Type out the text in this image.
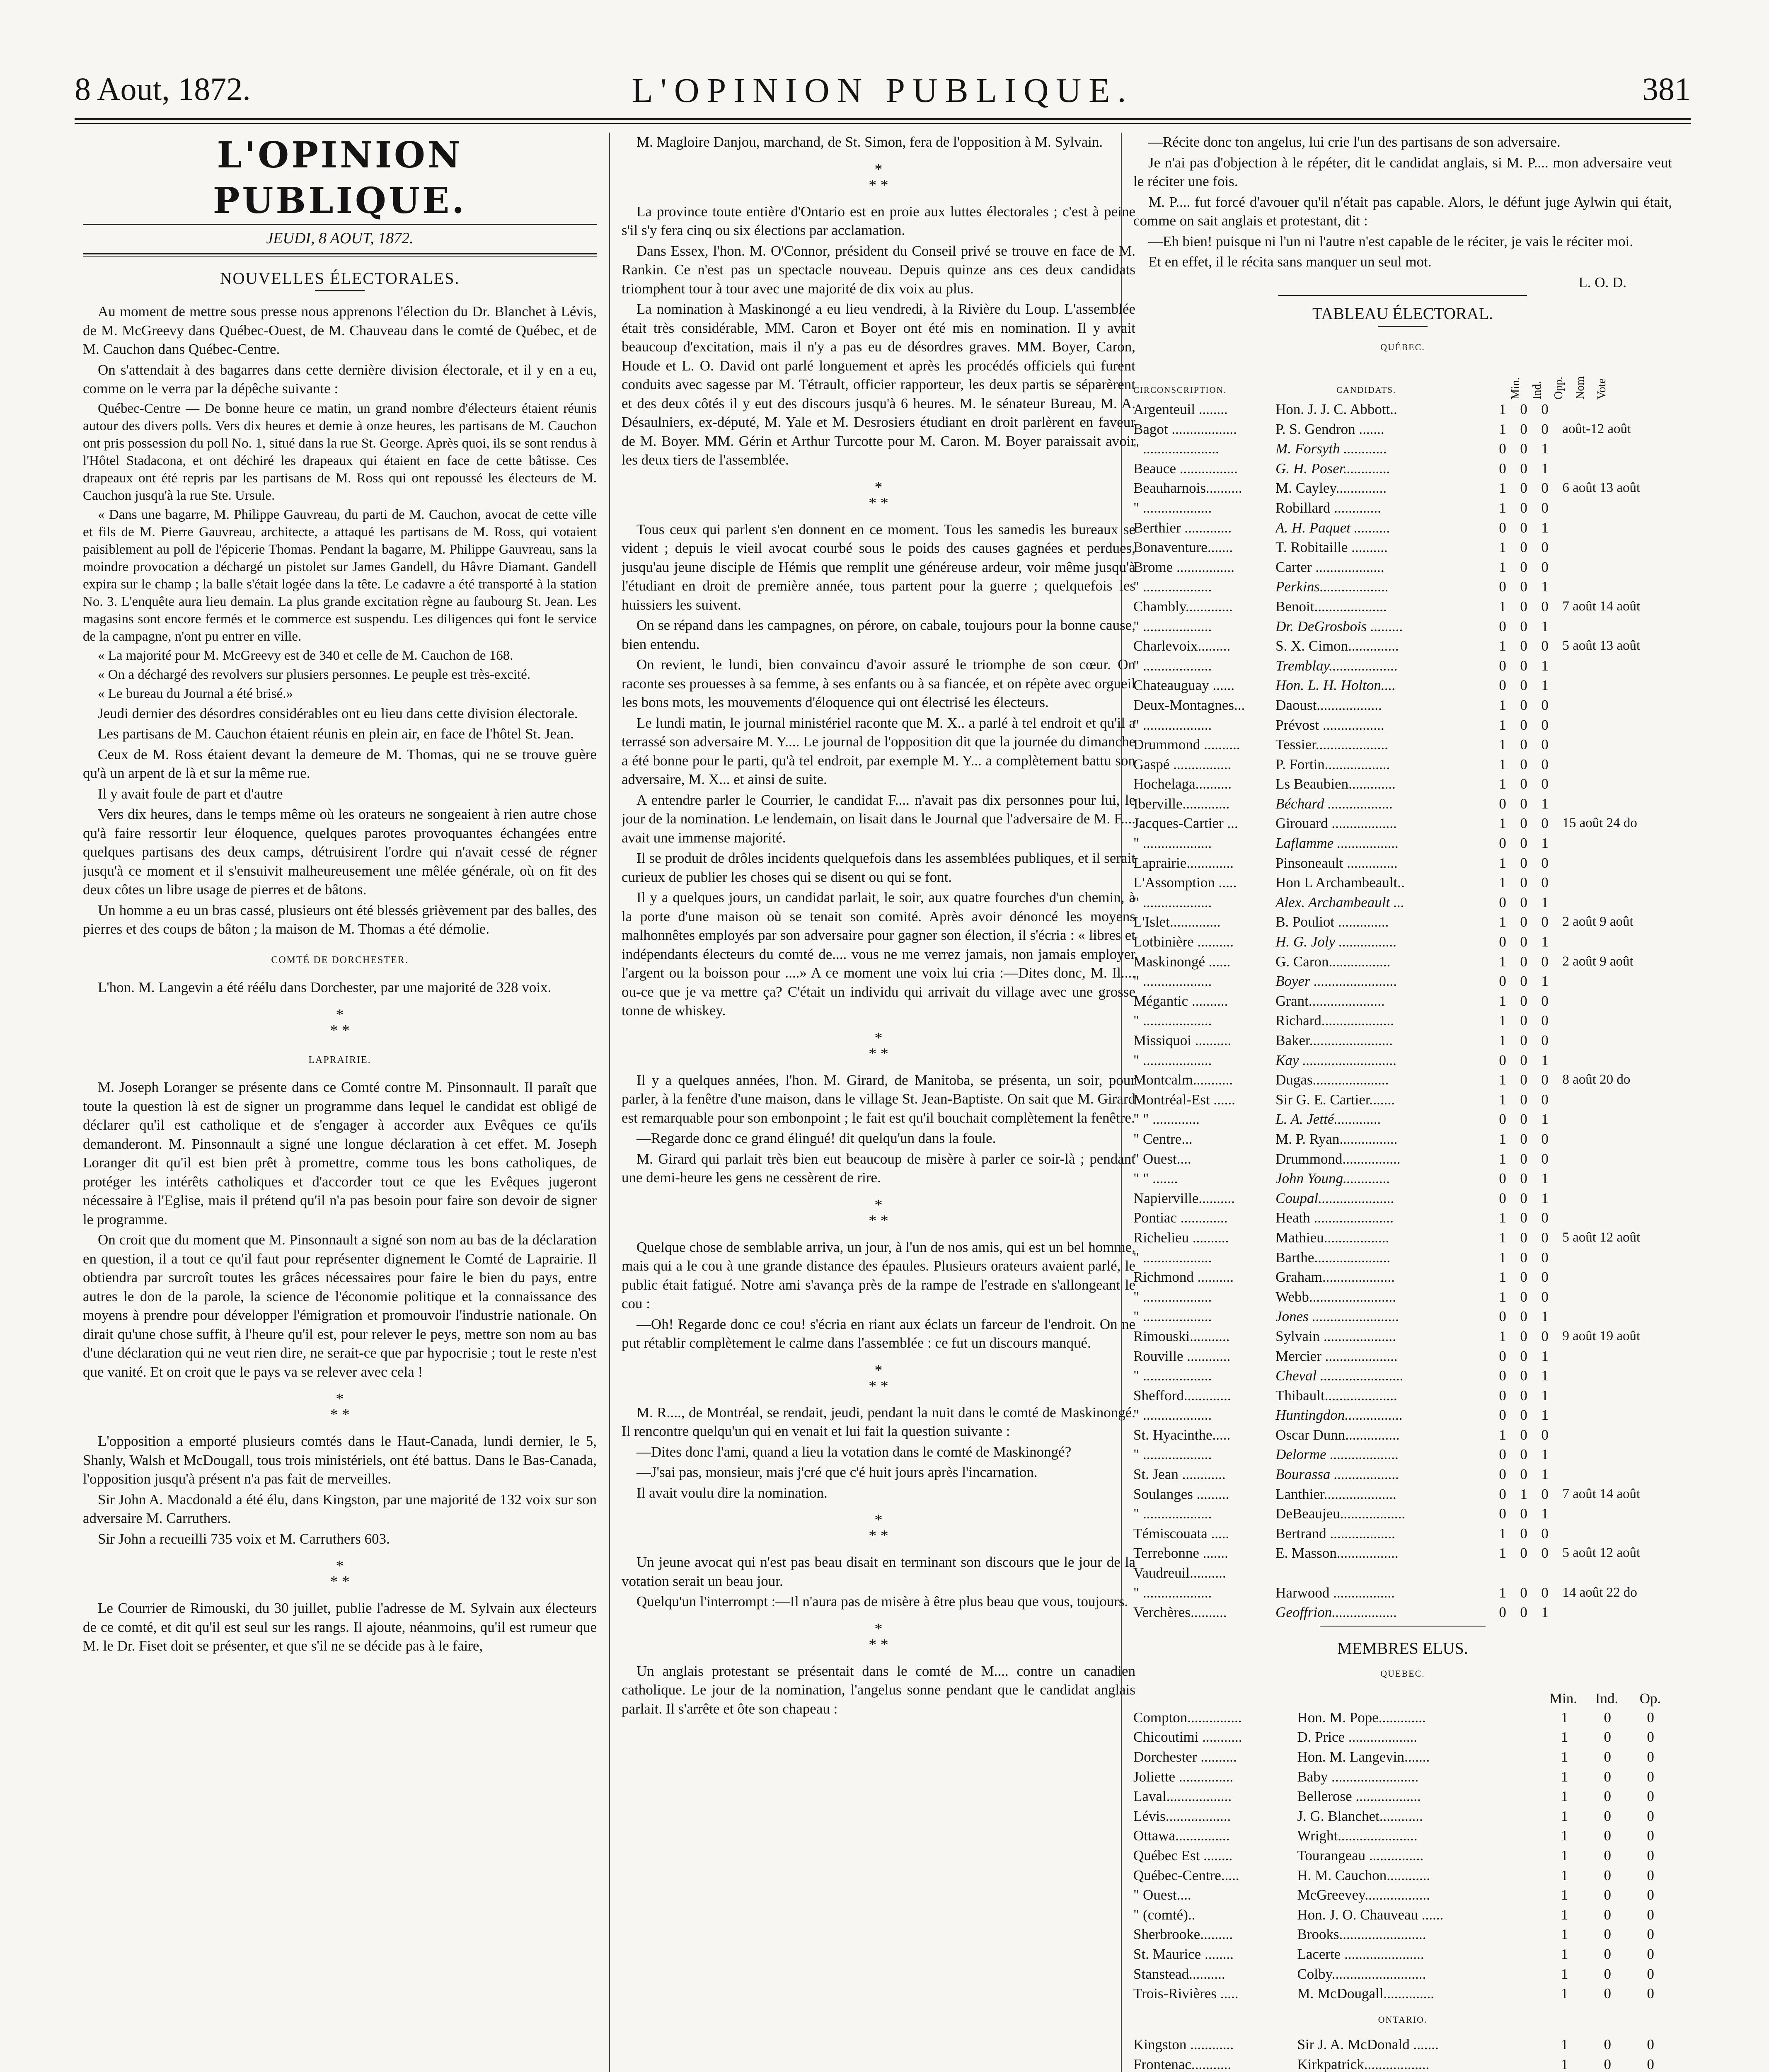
8 Aout, 1872.	L'OPINION PUBLIQUE.	381
L'OPINION PUBLIQUE.
JEUDI, 8 AOUT, 1872.
NOUVELLES ÉLECTORALES.

Au moment de mettre sous presse nous apprenons l'élection du Dr. Blanchet à Lévis, de M. McGreevy dans Québec-Ouest, de M. Chauveau dans le comté de Québec, et de M. Cauchon dans Québec-Centre.

On s'attendait à des bagarres dans cette dernière division électorale, et il y en a eu, comme on le verra par la dépêche suivante :

Québec-Centre — De bonne heure ce matin, un grand nombre d'électeurs étaient réunis autour des divers polls. Vers dix heures et demie à onze heures, les partisans de M. Cauchon ont pris possession du poll No. 1, situé dans la rue St. George. Après quoi, ils se sont rendus à l'Hôtel Stadacona, et ont déchiré les drapeaux qui étaient en face de cette bâtisse. Ces drapeaux ont été repris par les partisans de M. Ross qui ont repoussé les électeurs de M. Cauchon jusqu'à la rue Ste. Ursule.

« Dans une bagarre, M. Philippe Gauvreau, du parti de M. Cauchon, avocat de cette ville et fils de M. Pierre Gauvreau, architecte, a attaqué les partisans de M. Ross, qui votaient paisiblement au poll de l'épicerie Thomas. Pendant la bagarre, M. Philippe Gauvreau, sans la moindre provocation a déchargé un pistolet sur James Gandell, du Hâvre Diamant. Gandell expira sur le champ ; la balle s'était logée dans la tête. Le cadavre a été transporté à la station No. 3. L'enquête aura lieu demain. La plus grande excitation règne au faubourg St. Jean. Les magasins sont encore fermés et le commerce est suspendu. Les diligences qui font le service de la campagne, n'ont pu entrer en ville.

« La majorité pour M. McGreevy est de 340 et celle de M. Cauchon de 168.

« On a déchargé des revolvers sur plusiers personnes. Le peuple est très-excité.

« Le bureau du Journal a été brisé.»

Jeudi dernier des désordres considérables ont eu lieu dans cette division électorale.

Les partisans de M. Cauchon étaient réunis en plein air, en face de l'hôtel St. Jean.

Ceux de M. Ross étaient devant la demeure de M. Thomas, qui ne se trouve guère qu'à un arpent de là et sur la même rue.

Il y avait foule de part et d'autre

Vers dix heures, dans le temps même où les orateurs ne songeaient à rien autre chose qu'à faire ressortir leur éloquence, quelques parotes provoquantes échangées entre quelques partisans des deux camps, détruisirent l'ordre qui n'avait cessé de régner jusqu'à ce moment et il s'ensuivit malheureusement une mêlée générale, où on fit des deux côtes un libre usage de pierres et de bâtons.

Un homme a eu un bras cassé, plusieurs ont été blessés grièvement par des balles, des pierres et des coups de bâton ; la maison de M. Thomas a été démolie.

COMTÉ DE DORCHESTER.

L'hon. M. Langevin a été réélu dans Dorchester, par une majorité de 328 voix.

*
* *
LAPRAIRIE.

M. Joseph Loranger se présente dans ce Comté contre M. Pinsonnault. Il paraît que toute la question là est de signer un programme dans lequel le candidat est obligé de déclarer qu'il est catholique et de s'engager à accorder aux Evêques ce qu'ils demanderont. M. Pinsonnault a signé une longue déclaration à cet effet. M. Joseph Loranger dit qu'il est bien prêt à promettre, comme tous les bons catholiques, de protéger les intérêts catholiques et d'accorder tout ce que les Evêques jugeront nécessaire à l'Eglise, mais il prétend qu'il n'a pas besoin pour faire son devoir de signer le programme.

On croit que du moment que M. Pinsonnault a signé son nom au bas de la déclaration en question, il a tout ce qu'il faut pour représenter dignement le Comté de Laprairie. Il obtiendra par surcroît toutes les grâces nécessaires pour faire le bien du pays, entre autres le don de la parole, la science de l'économie politique et la connaissance des moyens à prendre pour développer l'émigration et promouvoir l'industrie nationale. On dirait qu'une chose suffit, à l'heure qu'il est, pour relever le peys, mettre son nom au bas d'une déclaration qui ne veut rien dire, ne serait-ce que par hypocrisie ; tout le reste n'est que vanité. Et on croit que le pays va se relever avec cela !

*
* *

L'opposition a emporté plusieurs comtés dans le Haut-Canada, lundi dernier, le 5, Shanly, Walsh et McDougall, tous trois ministériels, ont été battus. Dans le Bas-Canada, l'opposition jusqu'à présent n'a pas fait de merveilles.

Sir John A. Macdonald a été élu, dans Kingston, par une majorité de 132 voix sur son adversaire M. Carruthers.

Sir John a recueilli 735 voix et M. Carruthers 603.

*
* *

Le Courrier de Rimouski, du 30 juillet, publie l'adresse de M. Sylvain aux électeurs de ce comté, et dit qu'il est seul sur les rangs. Il ajoute, néanmoins, qu'il est rumeur que M. le Dr. Fiset doit se présenter, et que s'il ne se décide pas à le faire,

M. Magloire Danjou, marchand, de St. Simon, fera de l'opposition à M. Sylvain.

*
* *

La province toute entière d'Ontario est en proie aux luttes électorales ; c'est à peine s'il s'y fera cinq ou six élections par acclamation.

Dans Essex, l'hon. M. O'Connor, président du Conseil privé se trouve en face de M. Rankin. Ce n'est pas un spectacle nouveau. Depuis quinze ans ces deux candidats triomphent tour à tour avec une majorité de dix voix au plus.

La nomination à Maskinongé a eu lieu vendredi, à la Rivière du Loup. L'assemblée était très considérable, MM. Caron et Boyer ont été mis en nomination. Il y avait beaucoup d'excitation, mais il n'y a pas eu de désordres graves. MM. Boyer, Caron, Houde et L. O. David ont parlé longuement et après les procédés officiels qui furent conduits avec sagesse par M. Tétrault, officier rapporteur, les deux partis se séparèrent et des deux côtés il y eut des discours jusqu'à 6 heures. M. le sénateur Bureau, M. A. Désaulniers, ex-député, M. Yale et M. Desrosiers étudiant en droit parlèrent en faveur de M. Boyer. MM. Gérin et Arthur Turcotte pour M. Caron. M. Boyer paraissait avoir les deux tiers de l'assemblée.

*
* *

Tous ceux qui parlent s'en donnent en ce moment. Tous les samedis les bureaux se vident ; depuis le vieil avocat courbé sous le poids des causes gagnées et perdues, jusqu'au jeune disciple de Hémis que remplit une généreuse ardeur, voir même jusqu'à l'étudiant en droit de première année, tous partent pour la guerre ; quelquefois les huissiers les suivent.

On se répand dans les campagnes, on pérore, on cabale, toujours pour la bonne cause, bien entendu.

On revient, le lundi, bien convaincu d'avoir assuré le triomphe de son cœur. On raconte ses prouesses à sa femme, à ses enfants ou à sa fiancée, et on répète avec orgueil les bons mots, les mouvements d'éloquence qui ont électrisé les électeurs.

Le lundi matin, le journal ministériel raconte que M. X.. a parlé à tel endroit et qu'il a terrassé son adversaire M. Y.... Le journal de l'opposition dit que la journée du dimanche a été bonne pour le parti, qu'à tel endroit, par exemple M. Y... a complètement battu son adversaire, M. X... et ainsi de suite.

A entendre parler le Courrier, le candidat F.... n'avait pas dix personnes pour lui, le jour de la nomination. Le lendemain, on lisait dans le Journal que l'adversaire de M. F.... avait une immense majorité.

Il se produit de drôles incidents quelquefois dans les assemblées publiques, et il serait curieux de publier les choses qui se disent ou qui se font.

Il y a quelques jours, un candidat parlait, le soir, aux quatre fourches d'un chemin, à la porte d'une maison où se tenait son comité. Après avoir dénoncé les moyens malhonnêtes employés par son adversaire pour gagner son élection, il s'écria : « libres et indépendants électeurs du comté de.... vous ne me verrez jamais, non jamais employer l'argent ou la boisson pour ....» A ce moment une voix lui cria :—Dites donc, M. Il.... ou-ce que je va mettre ça? C'était un individu qui arrivait du village avec une grosse tonne de whiskey.

*
* *

Il y a quelques années, l'hon. M. Girard, de Manitoba, se présenta, un soir, pour parler, à la fenêtre d'une maison, dans le village St. Jean-Baptiste. On sait que M. Girard est remarquable pour son embonpoint ; le fait est qu'il bouchait complètement la fenêtre.

—Regarde donc ce grand élingué! dit quelqu'un dans la foule.

M. Girard qui parlait très bien eut beaucoup de misère à parler ce soir-là ; pendant une demi-heure les gens ne cessèrent de rire.

*
* *

Quelque chose de semblable arriva, un jour, à l'un de nos amis, qui est un bel homme, mais qui a le cou à une grande distance des épaules. Plusieurs orateurs avaient parlé, le public était fatigué. Notre ami s'avança près de la rampe de l'estrade en s'allongeant le cou :

—Oh! Regarde donc ce cou! s'écria en riant aux éclats un farceur de l'endroit. On ne put rétablir complètement le calme dans l'assemblée : ce fut un discours manqué.

*
* *

M. R...., de Montréal, se rendait, jeudi, pendant la nuit dans le comté de Maskinongé. Il rencontre quelqu'un qui en venait et lui fait la question suivante :

—Dites donc l'ami, quand a lieu la votation dans le comté de Maskinongé?

—J'sai pas, monsieur, mais j'cré que c'é huit jours après l'incarnation.

Il avait voulu dire la nomination.

*
* *

Un jeune avocat qui n'est pas beau disait en terminant son discours que le jour de la votation serait un beau jour.

Quelqu'un l'interrompt :—Il n'aura pas de misère à être plus beau que vous, toujours.

*
* *

Un anglais protestant se présentait dans le comté de M.... contre un canadien catholique. Le jour de la nomination, l'angelus sonne pendant que le candidat anglais parlait. Il s'arrête et ôte son chapeau :

—Récite donc ton angelus, lui crie l'un des partisans de son adversaire.

Je n'ai pas d'objection à le répéter, dit le candidat anglais, si M. P.... mon adversaire veut le réciter une fois.

M. P.... fut forcé d'avouer qu'il n'était pas capable. Alors, le défunt juge Aylwin qui était, comme on sait anglais et protestant, dit :

—Eh bien! puisque ni l'un ni l'autre n'est capable de le réciter, je vais le réciter moi.

Et en effet, il le récita sans manquer un seul mot.

L. O. D.
TABLEAU ÉLECTORAL.
QUÉBEC.
CIRCONSCRIPTION.	CANDIDATS.	Min. Ind. Opp. Nom Vote
Argenteuil ........	Hon. J. J. C. Abbott..	1 0 0
Bagot ..................	P. S. Gendron .......	1 0 0	août-12 août
" .....................	M. Forsyth ............	0 0 1
Beauce ................	G. H. Poser.............	0 0 1
Beauharnois..........	M. Cayley..............	1 0 0	6 août 13 août
" ...................	Robillard .............	1 0 0
Berthier .............	A. H. Paquet ..........	0 0 1
Bonaventure.......	T. Robitaille ..........	1 0 0
Brome ................	Carter ...................	1 0 0
" ...................	Perkins...................	0 0 1
Chambly.............	Benoit....................	1 0 0	7 août 14 août
" ...................	Dr. DeGrosbois .........	0 0 1
Charlevoix.........	S. X. Cimon..............	1 0 0	5 août 13 août
" ...................	Tremblay...................	0 0 1
Chateauguay ......	Hon. L. H. Holton....	0 0 1
Deux-Montagnes...	Daoust..................	1 0 0
" ...................	Prévost .................	1 0 0
Drummond ..........	Tessier....................	1 0 0
Gaspé ................	P. Fortin..................	1 0 0
Hochelaga..........	Ls Beaubien.............	1 0 0
Iberville.............	Béchard ..................	0 0 1
Jacques-Cartier ...	Girouard ..................	1 0 0	15 août 24 do
" ...................	Laflamme .................	0 0 1
Laprairie.............	Pinsoneault ..............	1 0 0
L'Assomption .....	Hon L Archambeault..	1 0 0
" ...................	Alex. Archambeault ...	0 0 1
L'Islet..............	B. Pouliot ..............	1 0 0	2 août 9 août
Lotbinière ..........	H. G. Joly ................	0 0 1
Maskinongé ......	G. Caron.................	1 0 0	2 août 9 août
" ...................	Boyer .......................	0 0 1
Mégantic ..........	Grant.....................	1 0 0
" ...................	Richard....................	1 0 0
Missiquoi ..........	Baker.......................	1 0 0
" ...................	Kay ..........................	0 0 1
Montcalm...........	Dugas.....................	1 0 0	8 août 20 do
Montréal-Est ......	Sir G. E. Cartier.......	1 0 0
" " .............	L. A. Jetté.............	0 0 1
" Centre...	M. P. Ryan................	1 0 0
" Ouest....	Drummond................	1 0 0
" " .......	John Young.............	0 0 1
Napierville..........	Coupal.....................	0 0 1
Pontiac .............	Heath ......................	1 0 0
Richelieu ..........	Mathieu..................	1 0 0	5 août 12 août
" ...................	Barthe.....................	1 0 0
Richmond ..........	Graham....................	1 0 0
" ...................	Webb........................	1 0 0
" ...................	Jones ........................	0 0 1
Rimouski...........	Sylvain ....................	1 0 0	9 août 19 août
Rouville ............	Mercier ....................	0 0 1
" ...................	Cheval .......................	0 0 1
Shefford.............	Thibault....................	0 0 1
" ...................	Huntingdon................	0 0 1
St. Hyacinthe.....	Oscar Dunn...............	1 0 0
" ...................	Delorme ...................	0 0 1
St. Jean ............	Bourassa ..................	0 0 1
Soulanges .........	Lanthier....................	0 1 0	7 août 14 août
" ...................	DeBeaujeu..................	0 0 1
Témiscouata .....	Bertrand ..................	1 0 0
Terrebonne .......	E. Masson.................	1 0 0	5 août 12 août
Vaudreuil..........
" ...................	Harwood .................	1 0 0	14 août 22 do
Verchères..........	Geoffrion..................	0 0 1
MEMBRES ELUS.
QUEBEC.
Min.	Ind.	Op.
Compton...............	Hon. M. Pope.............	1	0	0
Chicoutimi ...........	D. Price ...................	1	0	0
Dorchester ..........	Hon. M. Langevin.......	1	0	0
Joliette ...............	Baby ........................	1	0	0
Laval..................	Bellerose ..................	1	0	0
Lévis..................	J. G. Blanchet............	1	0	0
Ottawa...............	Wright......................	1	0	0
Québec Est ........	Tourangeau ...............	1	0	0
Québec-Centre.....	H. M. Cauchon............	1	0	0
" Ouest....	McGreevey..................	1	0	0
" (comté)..	Hon. J. O. Chauveau ......	1	0	0
Sherbrooke.........	Brooks........................	1	0	0
St. Maurice ........	Lacerte ......................	1	0	0
Stanstead..........	Colby..........................	1	0	0
Trois-Rivières .....	M. McDougall..............	1	0	0
ONTARIO.
Kingston ............	Sir J. A. McDonald .......	1	0	0
Frontenac...........	Kirkpatrick..................	1	0	0
